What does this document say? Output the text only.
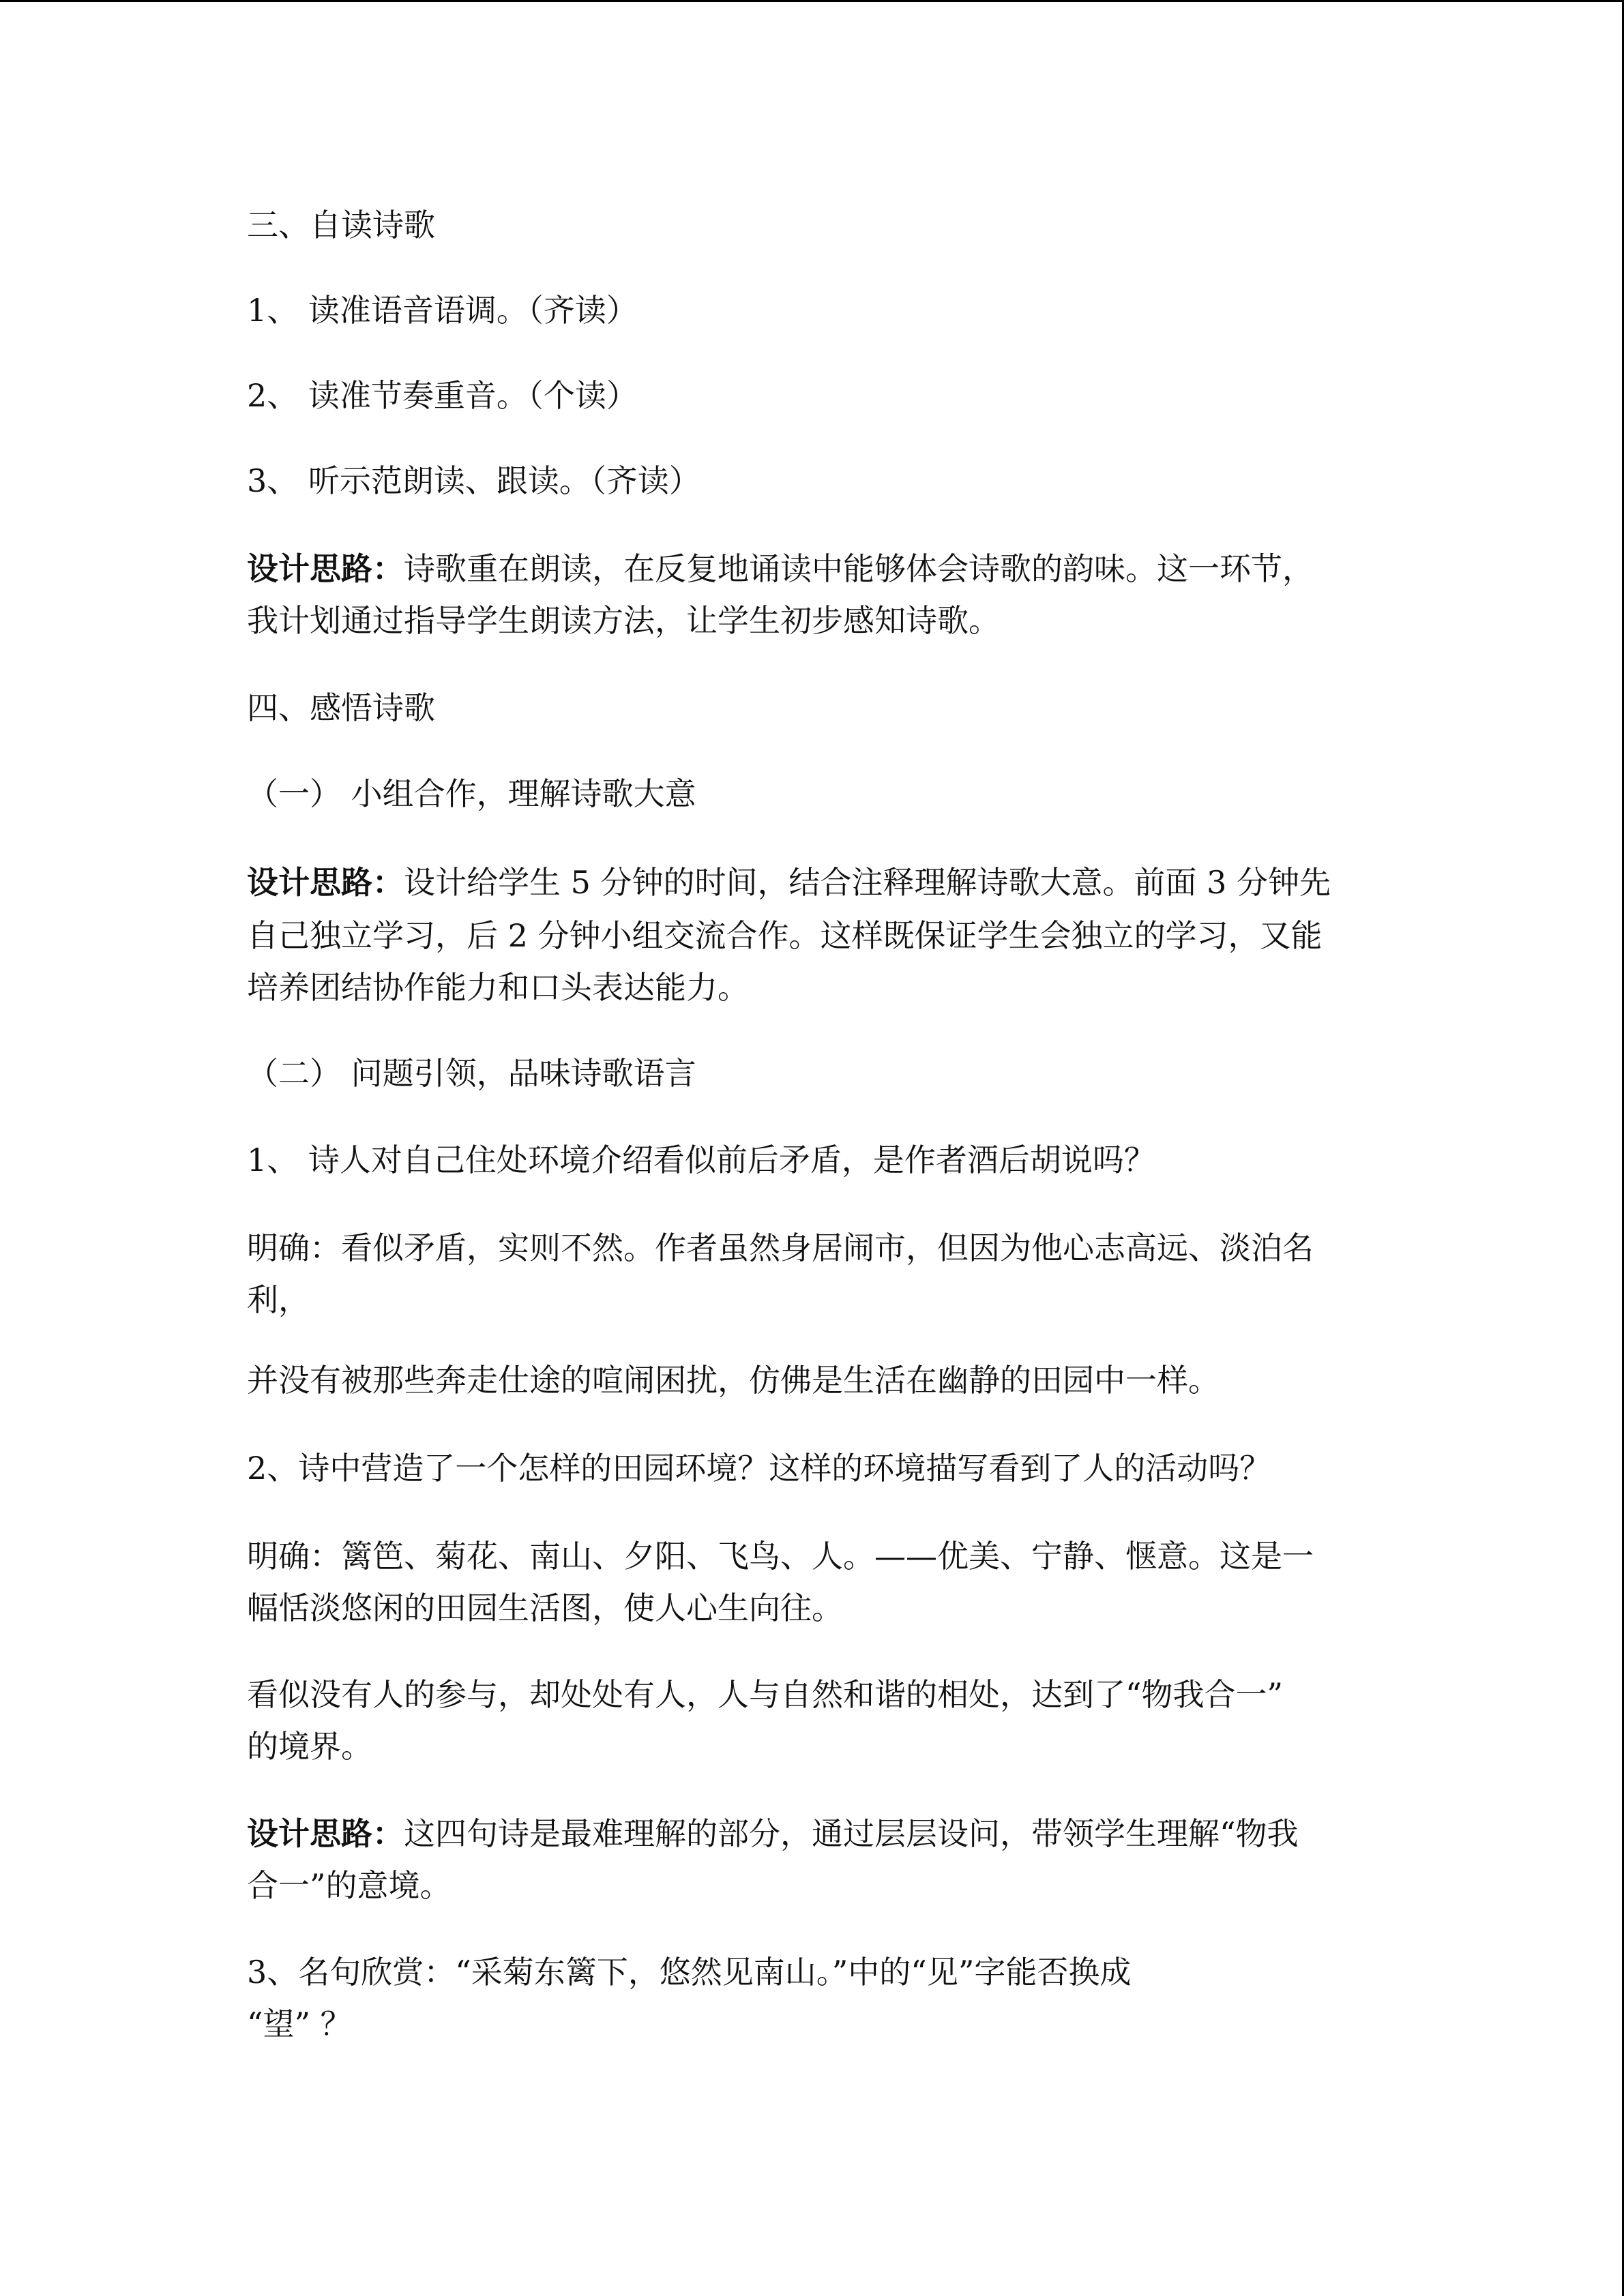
三、自读诗歌
1、 读准语音语调。（齐读）
2、 读准节奏重音。（个读）
3、 听示范朗读、跟读。（齐读）
设计思路：诗歌重在朗读，在反复地诵读中能够体会诗歌的韵味。这一环节，
我计划通过指导学生朗读方法，让学生初步感知诗歌。
四、感悟诗歌
（一） 小组合作，理解诗歌大意
设计思路：设计给学生 5 分钟的时间，结合注释理解诗歌大意。前面 3 分钟先
自己独立学习，后 2 分钟小组交流合作。这样既保证学生会独立的学习，又能
培养团结协作能力和口头表达能力。
（二） 问题引领，品味诗歌语言
1、 诗人对自己住处环境介绍看似前后矛盾，是作者酒后胡说吗？
明确：看似矛盾，实则不然。作者虽然身居闹市，但因为他心志高远、淡泊名
利，
并没有被那些奔走仕途的喧闹困扰，仿佛是生活在幽静的田园中一样。
2、诗中营造了一个怎样的田园环境？这样的环境描写看到了人的活动吗？
明确：篱笆、菊花、南山、夕阳、飞鸟、人。——优美、宁静、惬意。这是一
幅恬淡悠闲的田园生活图，使人心生向往。
看似没有人的参与，却处处有人，人与自然和谐的相处，达到了“物我合一”
的境界。
设计思路：这四句诗是最难理解的部分，通过层层设问，带领学生理解“物我
合一”的意境。
3、名句欣赏：“采菊东篱下，悠然见南山。”中的“见”字能否换成
“望” ？
